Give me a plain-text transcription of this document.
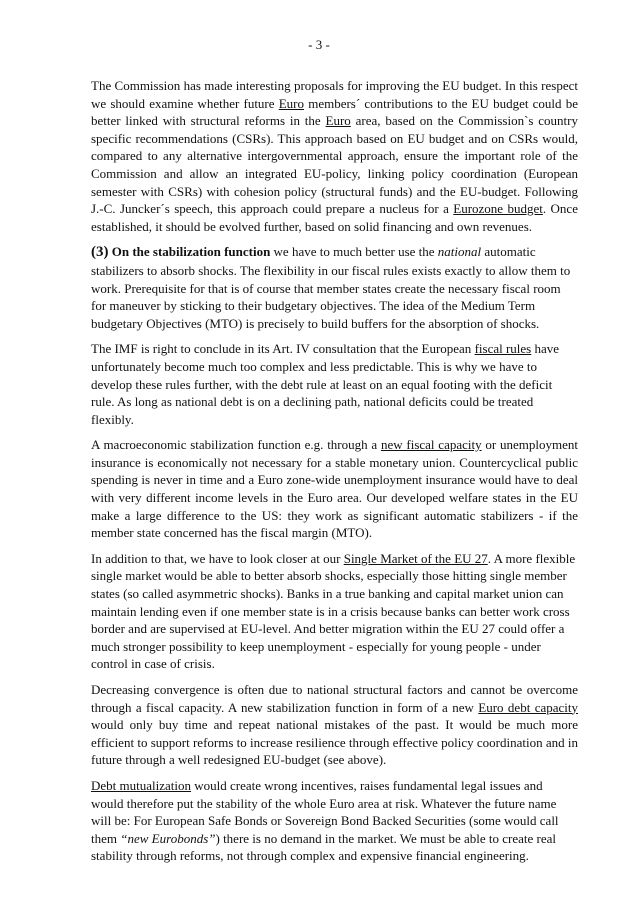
- 3 -

The Commission has made interesting proposals for improving the EU budget. In this respect we should examine whether future Euro members´ contributions to the EU budget could be better linked with structural reforms in the Euro area, based on the Commission`s country specific recommendations (CSRs). This approach based on EU budget and on CSRs would, compared to any alternative intergovernmental approach, ensure the important role of the Commission and allow an integrated EU-policy, linking policy coordination (European semester with CSRs) with cohesion policy (structural funds) and the EU-budget. Following J.-C. Juncker´s speech, this approach could prepare a nucleus for a Eurozone budget. Once established, it should be evolved further, based on solid financing and own revenues.

(3) On the stabilization function we have to much better use the national automatic stabilizers to absorb shocks. The flexibility in our fiscal rules exists exactly to allow them to work. Prerequisite for that is of course that member states create the necessary fiscal room for maneuver by sticking to their budgetary objectives. The idea of the Medium Term budgetary Objectives (MTO) is precisely to build buffers for the absorption of shocks.

The IMF is right to conclude in its Art. IV consultation that the European fiscal rules have unfortunately become much too complex and less predictable. This is why we have to develop these rules further, with the debt rule at least on an equal footing with the deficit rule. As long as national debt is on a declining path, national deficits could be treated flexibly.

A macroeconomic stabilization function e.g. through a new fiscal capacity or unemployment insurance is economically not necessary for a stable monetary union. Countercyclical public spending is never in time and a Euro zone-wide unemployment insurance would have to deal with very different income levels in the Euro area. Our developed welfare states in the EU make a large difference to the US: they work as significant automatic stabilizers - if the member state concerned has the fiscal margin (MTO).

In addition to that, we have to look closer at our Single Market of the EU 27. A more flexible single market would be able to better absorb shocks, especially those hitting single member states (so called asymmetric shocks). Banks in a true banking and capital market union can maintain lending even if one member state is in a crisis because banks can better work cross border and are supervised at EU-level. And better migration within the EU 27 could offer a much stronger possibility to keep unemployment - especially for young people - under control in case of crisis.

Decreasing convergence is often due to national structural factors and cannot be overcome through a fiscal capacity. A new stabilization function in form of a new Euro debt capacity would only buy time and repeat national mistakes of the past. It would be much more efficient to support reforms to increase resilience through effective policy coordination and in future through a well redesigned EU-budget (see above).

Debt mutualization would create wrong incentives, raises fundamental legal issues and would therefore put the stability of the whole Euro area at risk. Whatever the future name will be: For European Safe Bonds or Sovereign Bond Backed Securities (some would call them “new Eurobonds”) there is no demand in the market. We must be able to create real stability through reforms, not through complex and expensive financial engineering.
